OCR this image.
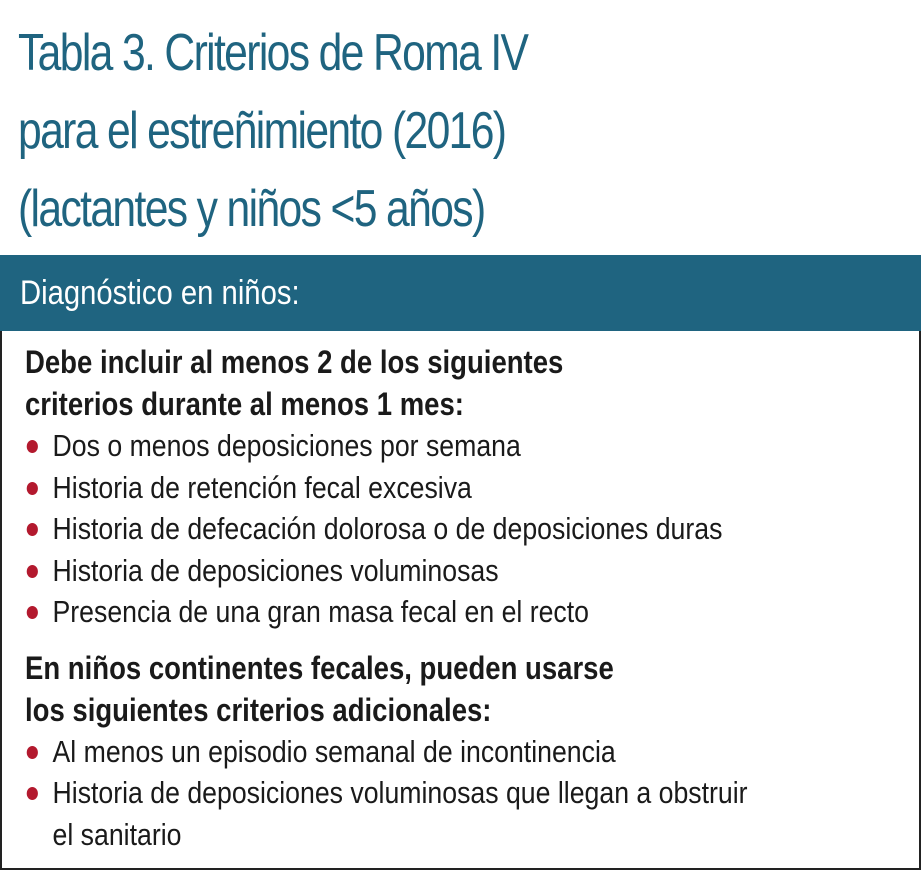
Tabla 3. Criterios de Roma IV
para el estreñimiento (2016)
(lactantes y niños <5 años)
Diagnóstico en niños:

Debe incluir al menos 2 de los siguientes
criterios durante al menos 1 mes:

Dos o menos deposiciones por semana
Historia de retención fecal excesiva
Historia de defecación dolorosa o de deposiciones duras
Historia de deposiciones voluminosas
Presencia de una gran masa fecal en el recto

En niños continentes fecales, pueden usarse
los siguientes criterios adicionales:

Al menos un episodio semanal de incontinencia
Historia de deposiciones voluminosas que llegan a obstruir
el sanitario
